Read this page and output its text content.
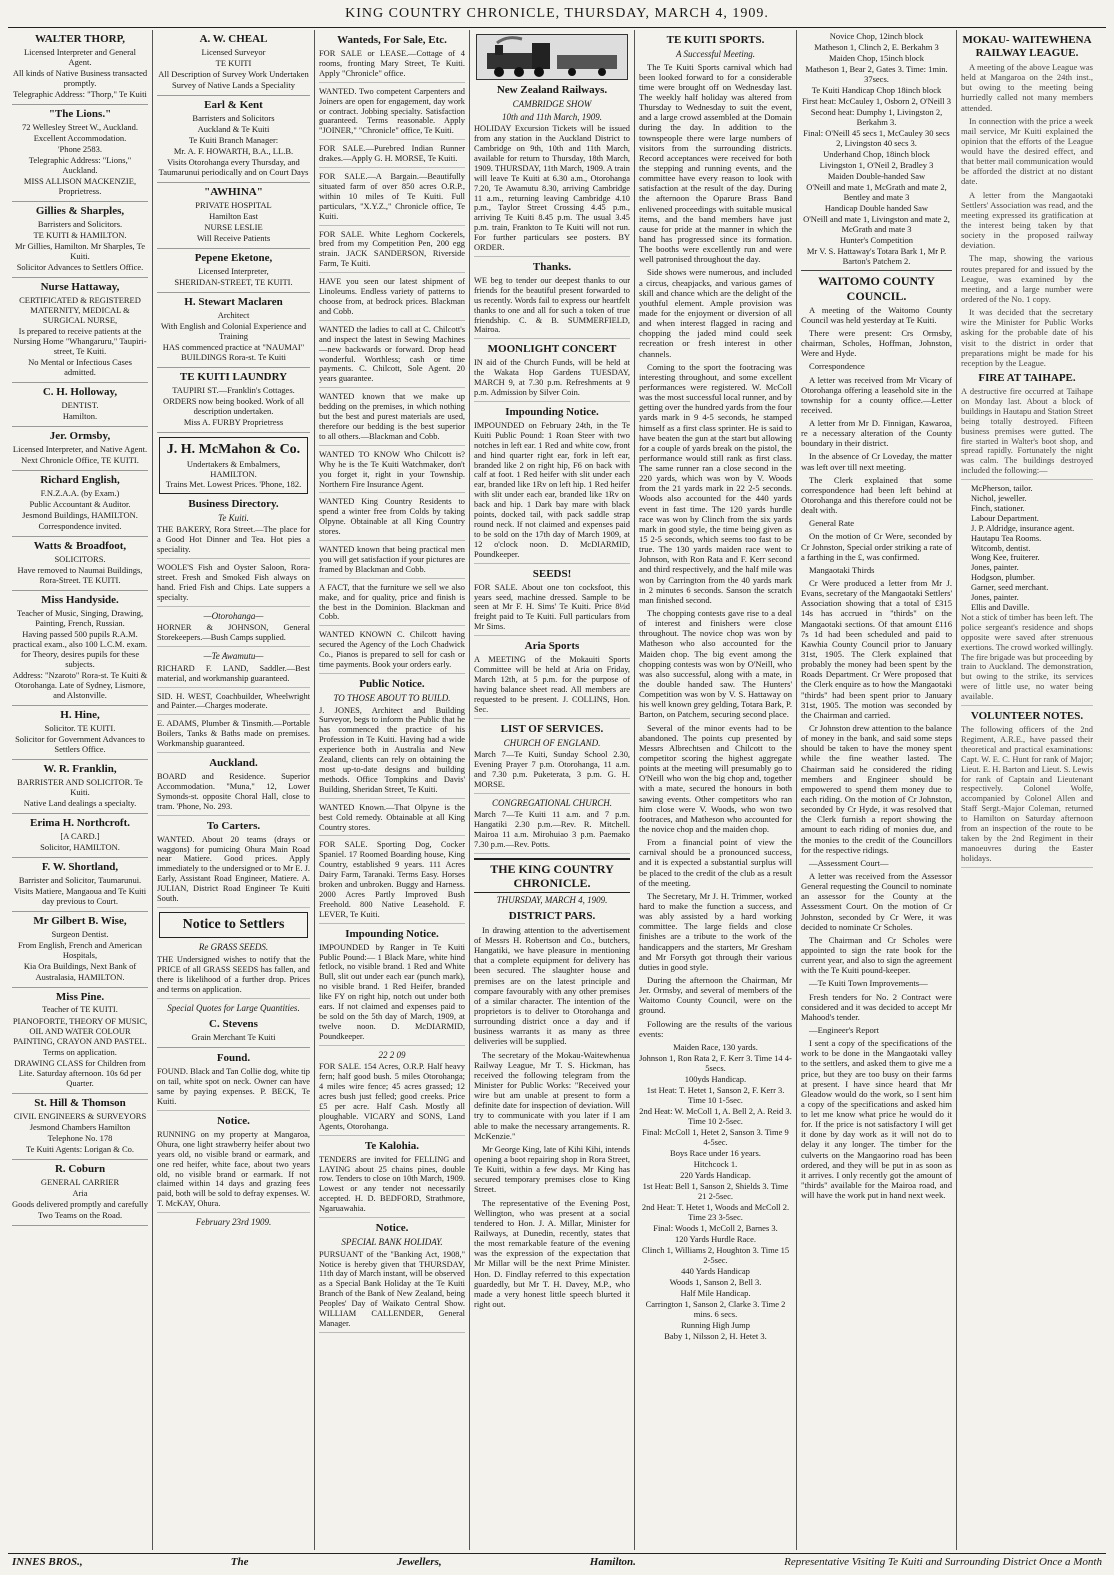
KING COUNTRY CHRONICLE, THURSDAY, MARCH 4, 1909.
WALTER THORP,

Licensed Interpreter and General Agent.

All kinds of Native Business transacted promptly.

Telegraphic Address: "Thorp," Te Kuiti

"The Lions."

72 Wellesley Street W., Auckland.

Excellent Accommodation.

'Phone 2583.

Telegraphic Address: "Lions," Auckland.

MISS ALLISON MACKENZIE, Proprietress.

Gillies & Sharples,

Barristers and Solicitors.

TE KUITI & HAMILTON.

Mr Gillies, Hamilton. Mr Sharples, Te Kuiti.

Solicitor Advances to Settlers Office.

Nurse Hattaway,

CERTIFICATED & REGISTERED MATERNITY, MEDICAL & SURGICAL NURSE,

Is prepared to receive patients at the Nursing Home "Whangaruru," Taupiri-street, Te Kuiti.

No Mental or Infectious Cases admitted.

C. H. Holloway,

DENTIST.

Hamilton.

Jer. Ormsby,

Licensed Interpreter, and Native Agent.

Next Chronicle Office, TE KUITI.

Richard English,

F.N.Z.A.A. (by Exam.)

Public Accountant & Auditor.

Jesmond Buildings, HAMILTON.

Correspondence invited.

Watts & Broadfoot,

SOLICITORS.

Have removed to Naumai Buildings, Rora-Street. TE KUITI.

Miss Handyside.

Teacher of Music, Singing, Drawing, Painting, French, Russian.

Having passed 500 pupils R.A.M. practical exam., also 100 L.C.M. exam. for Theory, desires pupils for these subjects.

Address: "Nzaroto" Rora-st. Te Kuiti & Otorohanga. Late of Sydney, Lismore, and Alstonville.

H. Hine,

Solicitor. TE KUITI.

Solicitor for Government Advances to Settlers Office.

W. R. Franklin,

BARRISTER AND SOLICITOR. Te Kuiti.

Native Land dealings a specialty.

Erima H. Northcroft.

[A CARD.]

Solicitor, HAMILTON.

F. W. Shortland,

Barrister and Solicitor, Taumarunui.

Visits Matiere, Mangaoua and Te Kuiti day previous to Court.

Mr Gilbert B. Wise,

Surgeon Dentist.

From English, French and American Hospitals,

Kia Ora Buildings, Next Bank of Australasia, HAMILTON.

Miss Pine.

Teacher of TE KUITI.

PIANOFORTE, THEORY OF MUSIC, OIL AND WATER COLOUR PAINTING, CRAYON AND PASTEL.

Terms on application.

DRAWING CLASS for Children from Lite. Saturday afternoon. 10s 6d per Quarter.

St. Hill & Thomson

CIVIL ENGINEERS & SURVEYORS

Jesmond Chambers Hamilton

Telephone No. 178

Te Kuiti Agents: Lorigan & Co.

R. Coburn

GENERAL CARRIER

Aria

Goods delivered promptly and carefully

Two Teams on the Road.

A. W. CHEAL

Licensed Surveyor

TE KUITI

All Description of Survey Work Undertaken

Survey of Native Lands a Speciality

Earl & Kent

Barristers and Solicitors

Auckland & Te Kuiti

Te Kuiti Branch Manager:

Mr. A. F. HOWARTH, B.A., LL.B.

Visits Otorohanga every Thursday, and Taumarunui periodically and on Court Days

"AWHINA"

PRIVATE HOSPITAL

Hamilton East

NURSE LESLIE

Will Receive Patients

Pepene Eketone,

Licensed Interpreter,

SHERIDAN-STREET, TE KUITI.

H. Stewart Maclaren

Architect

With English and Colonial Experience and Training

HAS commenced practice at "NAUMAI" BUILDINGS Rora-st. Te Kuiti

TE KUITI LAUNDRY

TAUPIRI ST.—Franklin's Cottages.

ORDERS now being booked. Work of all description undertaken.

Miss A. FURBY Proprietress

J. H. McMahon & Co.
Undertakers & Embalmers, HAMILTON.
Trains Met. Lowest Prices. 'Phone, 182.
Business Directory.
Te Kuiti.
THE BAKERY, Rora Street.—The place for a Good Hot Dinner and Tea. Hot pies a speciality.
WOOLE'S Fish and Oyster Saloon, Rora-street. Fresh and Smoked Fish always on hand. Fried Fish and Chips. Late suppers a specialty.
—Otorohanga—
HORNER & JOHNSON, General Storekeepers.—Bush Camps supplied.
—Te Awamutu—
RICHARD F. LAND, Saddler.—Best material, and workmanship guaranteed.
SID. H. WEST, Coachbuilder, Wheelwright and Painter.—Charges moderate.
E. ADAMS, Plumber & Tinsmith.—Portable Boilers, Tanks & Baths made on premises. Workmanship guaranteed.
Auckland.
BOARD and Residence. Superior Accommodation. "Muna," 12, Lower Symonds-st. opposite Choral Hall, close to tram. 'Phone, No. 293.
To Carters.
WANTED. About 20 teams (drays or waggons) for pumicing Ohura Main Road near Matiere. Good prices. Apply immediately to the undersigned or to Mr E. J. Early, Assistant Road Engineer, Matiere. A. JULIAN, District Road Engineer Te Kuiti South.
Notice to Settlers
Re GRASS SEEDS.
THE Undersigned wishes to notify that the PRICE of all GRASS SEEDS has fallen, and there is likelihood of a further drop. Prices and terms on application.
Special Quotes for Large Quantities.
C. Stevens

Grain Merchant Te Kuiti

Found.
FOUND. Black and Tan Collie dog, white tip on tail, white spot on neck. Owner can have same by paying expenses. P. BECK, Te Kuiti.
Notice.
RUNNING on my property at Mangaroa, Ohura, one light strawberry heifer about two years old, no visible brand or earmark, and one red heifer, white face, about two years old, no visible brand or earmark. If not claimed within 14 days and grazing fees paid, both will be sold to defray expenses. W. T. McKAY, Ohura.
February 23rd 1909.
Wanteds, For Sale, Etc.
FOR SALE or LEASE.—Cottage of 4 rooms, fronting Mary Street, Te Kuiti. Apply "Chronicle" office.
WANTED. Two competent Carpenters and Joiners are open for engagement, day work or contract. Jobbing specialty. Satisfaction guaranteed. Terms reasonable. Apply "JOINER," "Chronicle" office, Te Kuiti.
FOR SALE.—Purebred Indian Runner drakes.—Apply G. H. MORSE, Te Kuiti.
FOR SALE.—A Bargain.—Beautifully situated farm of over 850 acres O.R.P., within 10 miles of Te Kuiti. Full particulars, "X.Y.Z.," Chronicle office, Te Kuiti.
FOR SALE. White Leghorn Cockerels, bred from my Competition Pen, 200 egg strain. JACK SANDERSON, Riverside Farm, Te Kuiti.
HAVE you seen our latest shipment of Linoleums. Endless variety of patterns to choose from, at bedrock prices. Blackman and Cobb.
WANTED the ladies to call at C. Chilcott's and inspect the latest in Sewing Machines—new backwards or forward. Drop head wonderful. Worthless; cash or time payments. C. Chilcott, Sole Agent. 20 years guarantee.
WANTED known that we make up bedding on the premises, in which nothing but the best and purest materials are used, therefore our bedding is the best superior to all others.—Blackman and Cobb.
WANTED TO KNOW Who Chilcott is? Why he is the Te Kuiti Watchmaker, don't you forget it, right in your Township. Northern Fire Insurance Agent.
WANTED King Country Residents to spend a winter free from Colds by taking Olpyne. Obtainable at all King Country stores.
WANTED known that being practical men you will get satisfaction if your pictures are framed by Blackman and Cobb.
A FACT, that the furniture we sell we also make, and for quality, price and finish is the best in the Dominion. Blackman and Cobb.
WANTED KNOWN C. Chilcott having secured the Agency of the Loch Chadwick Co., Pianos is prepared to sell for cash or time payments. Book your orders early.
Public Notice.
TO THOSE ABOUT TO BUILD.
J. JONES, Architect and Building Surveyor, begs to inform the Public that he has commenced the practice of his Profession in Te Kuiti. Having had a wide experience both in Australia and New Zealand, clients can rely on obtaining the most up-to-date designs and building methods. Office Tompkins and Davis' Building, Sheridan Street, Te Kuiti.
WANTED Known.—That Olpyne is the best Cold remedy. Obtainable at all King Country stores.
FOR SALE. Sporting Dog, Cocker Spaniel. 17 Roomed Boarding house, King Country, established 9 years. 111 Acres Dairy Farm, Taranaki. Terms Easy. Horses broken and unbroken. Buggy and Harness. 2000 Acres Partly Improved Bush Freehold. 800 Native Leasehold. F. LEVER, Te Kuiti.
Impounding Notice.
IMPOUNDED by Ranger in Te Kuiti Public Pound:— 1 Black Mare, white hind fetlock, no visible brand. 1 Red and White Bull, slit out under each ear (punch mark), no visible brand. 1 Red Heifer, branded like FY on right hip, notch out under both ears. If not claimed and expenses paid to be sold on the 5th day of March, 1909, at twelve noon. D. McDIARMID, Poundkeeper.
22 2 09
FOR SALE. 154 Acres, O.R.P. Half heavy fern; half good bush. 5 miles Otorohanga; 4 miles wire fence; 45 acres grassed; 12 acres bush just felled; good creeks. Price £5 per acre. Half Cash. Mostly all ploughable. VICARY and SONS, Land Agents, Otorohanga.
Te Kalohia.
TENDERS are invited for FELLING and LAYING about 25 chains pines, double row. Tenders to close on 10th March, 1909. Lowest or any tender not necessarily accepted. H. D. BEDFORD, Strathmore, Ngaruawahia.
Notice.
SPECIAL BANK HOLIDAY.
PURSUANT of the "Banking Act, 1908," Notice is hereby given that THURSDAY, 11th day of March instant, will be observed as a Special Bank Holiday at the Te Kuiti Branch of the Bank of New Zealand, being Peoples' Day of Waikato Central Show. WILLIAM CALLENDER, General Manager.
New Zealand Railways.
CAMBRIDGE SHOW
10th and 11th March, 1909.
HOLIDAY Excursion Tickets will be issued from any station in the Auckland District to Cambridge on 9th, 10th and 11th March, available for return to Thursday, 18th March, 1909. THURSDAY, 11th March, 1909. A train will leave Te Kuiti at 6.30 a.m., Otorohanga 7.20, Te Awamutu 8.30, arriving Cambridge 11 a.m., returning leaving Cambridge 4.10 p.m., Taylor Street Crossing 4.45 p.m., arriving Te Kuiti 8.45 p.m. The usual 3.45 p.m. train, Frankton to Te Kuiti will not run. For further particulars see posters. BY ORDER.
Thanks.
WE beg to tender our deepest thanks to our friends for the beautiful present forwarded to us recently. Words fail to express our heartfelt thanks to one and all for such a token of true friendship. C. & B. SUMMERFIELD, Mairoa.
MOONLIGHT CONCERT
IN aid of the Church Funds, will be held at the Wakata Hop Gardens TUESDAY, MARCH 9, at 7.30 p.m. Refreshments at 9 p.m. Admission by Silver Coin.
Impounding Notice.
IMPOUNDED on February 24th, in the Te Kuiti Public Pound: 1 Roan Steer with two notches in left ear. 1 Red and white cow, front and hind quarter right ear, fork in left ear, branded like 2 on right hip, F6 on back with calf at foot. 1 Red heifer with slit under each ear, branded like 1Rv on left hip. 1 Red heifer with slit under each ear, branded like 1Rv on back and hip. 1 Dark bay mare with black points, docked tail, with pack saddle strap round neck. If not claimed and expenses paid to be sold on the 17th day of March 1909, at 12 o'clock noon. D. McDIARMID, Poundkeeper.
SEEDS!
FOR SALE. About one ton cocksfoot, this years seed, machine dressed. Sample to be seen at Mr F. H. Sims' Te Kuiti. Price 8½d freight paid to Te Kuiti. Full particulars from Mr Sims.
Aria Sports
A MEETING of the Mokauiti Sports Committee will be held at Aria on Friday, March 12th, at 5 p.m. for the purpose of having balance sheet read. All members are requested to be present. J. COLLINS, Hon. Sec.
LIST OF SERVICES.
CHURCH OF ENGLAND.
March 7—Te Kuiti, Sunday School 2.30, Evening Prayer 7 p.m. Otorohanga, 11 a.m. and 7.30 p.m. Puketerata, 3 p.m. G. H. MORSE.
CONGREGATIONAL CHURCH.
March 7—Te Kuiti 11 a.m. and 7 p.m. Hangatiki 2.30 p.m.—Rev. R. Mitchell. Mairoa 11 a.m. Mirohuiao 3 p.m. Paemako 7.30 p.m.—Rev. Potts.
THE KING COUNTRY CHRONICLE.
THURSDAY, MARCH 4, 1909.
DISTRICT PARS.

In drawing attention to the advertisement of Messrs H. Robertson and Co., butchers, Hangatiki, we have pleasure in mentioning that a complete equipment for delivery has been secured. The slaughter house and premises are on the latest principle and compare favourably with any other premises of a similar character. The intention of the proprietors is to deliver to Otorohanga and surrounding district once a day and if business warrants it as many as three deliveries will be supplied.

The secretary of the Mokau-Waitewhenua Railway League, Mr T. S. Hickman, has received the following telegram from the Minister for Public Works: "Received your wire but am unable at present to form a definite date for inspection of deviation. Will try to communicate with you later if I am able to make the necessary arrangements. R. McKenzie."

Mr George King, late of Kihi Kihi, intends opening a boot repairing shop in Rora Street, Te Kuiti, within a few days. Mr King has secured temporary premises close to King Street.

The representative of the Evening Post, Wellington, who was present at a social tendered to Hon. J. A. Millar, Minister for Railways, at Dunedin, recently, states that the most remarkable feature of the evening was the expression of the expectation that Mr Millar will be the next Prime Minister. Hon. D. Findlay referred to this expectation guardedly, but Mr T. H. Davey, M.P., who made a very honest little speech blurted it right out.

TE KUITI SPORTS.
A Successful Meeting.

The Te Kuiti Sports carnival which had been looked forward to for a considerable time were brought off on Wednesday last. The weekly half holiday was altered from Thursday to Wednesday to suit the event, and a large crowd assembled at the Domain during the day. In addition to the townspeople there were large numbers of visitors from the surrounding districts. Record acceptances were received for both the stepping and running events, and the committee have every reason to look with satisfaction at the result of the day. During the afternoon the Oparure Brass Band enlivened proceedings with suitable musical items, and the band members have just cause for pride at the manner in which the band has progressed since its formation. The booths were excellently run and were well patronised throughout the day.

Side shows were numerous, and included a circus, cheapjacks, and various games of skill and chance which are the delight of the youthful element. Ample provision was made for the enjoyment or diversion of all and when interest flagged in racing and chopping the jaded mind could seek recreation or fresh interest in other channels.

Coming to the sport the footracing was interesting throughout, and some excellent performances were registered. W. McColl was the most successful local runner, and by getting over the hundred yards from the four yards mark in 9 4-5 seconds, he stamped himself as a first class sprinter. He is said to have beaten the gun at the start but allowing for a couple of yards break on the pistol, the performance would still rank as first class. The same runner ran a close second in the 220 yards, which was won by V. Woods from the 21 yards mark in 22 2-5 seconds. Woods also accounted for the 440 yards event in fast time. The 120 yards hurdle race was won by Clinch from the six yards mark in good style, the time being given as 15 2-5 seconds, which seems too fast to be true. The 130 yards maiden race went to Johnson, with Ron Rata and F. Kerr second and third respectively, and the half mile was won by Carrington from the 40 yards mark in 2 minutes 6 seconds. Sanson the scratch man finished second.

The chopping contests gave rise to a deal of interest and finishers were close throughout. The novice chop was won by Matheson who also accounted for the Maiden chop. The big event among the chopping contests was won by O'Neill, who was also successful, along with a mate, in the double handed saw. The Hunters' Competition was won by V. S. Hattaway on his well known grey gelding, Totara Bark, P. Barton, on Patchem, securing second place.

Several of the minor events had to be abandoned. The points cup presented by Messrs Albrechtsen and Chilcott to the competitor scoring the highest aggregate points at the meeting will presumably go to O'Neill who won the big chop and, together with a mate, secured the honours in both sawing events. Other competitors who ran him close were V. Woods, who won two footraces, and Matheson who accounted for the novice chop and the maiden chop.

From a financial point of view the carnival should be a pronounced success, and it is expected a substantial surplus will be placed to the credit of the club as a result of the meeting.

The Secretary, Mr J. H. Trimmer, worked hard to make the function a success, and was ably assisted by a hard working committee. The large fields and close finishes are a tribute to the work of the handicappers and the starters, Mr Gresham and Mr Forsyth got through their various duties in good style.

During the afternoon the Chairman, Mr Jer. Ormsby, and several of members of the Waitomo County Council, were on the ground.

Following are the results of the various events:

Maiden Race, 130 yards.
Johnson 1, Ron Rata 2, F. Kerr 3. Time 14 4-5secs.
100yds Handicap.
1st Heat: T. Hetet 1, Sanson 2, F. Kerr 3. Time 10 1-5sec.
2nd Heat: W. McColl 1, A. Bell 2, A. Reid 3. Time 10 2-5sec.
Final: McColl 1, Hetet 2, Sanson 3. Time 9 4-5sec.
Boys Race under 16 years.
Hitchcock 1.
220 Yards Handicap.
1st Heat: Bell 1, Sanson 2, Shields 3. Time 21 2-5sec.
2nd Heat: T. Hetet 1, Woods and McColl 2. Time 23 3-5sec.
Final: Woods 1, McColl 2, Barnes 3.
120 Yards Hurdle Race.
Clinch 1, Williams 2, Houghton 3. Time 15 2-5sec.
440 Yards Handicap
Woods 1, Sanson 2, Bell 3.
Half Mile Handicap.
Carrington 1, Sanson 2, Clarke 3. Time 2 mins. 6 secs.
Running High Jump
Baby 1, Nilsson 2, H. Hetet 3.
Novice Chop, 12inch block
Matheson 1, Clinch 2, E. Berkahm 3
Maiden Chop, 15inch block
Matheson 1, Bear 2, Gates 3. Time: 1min. 37secs.
Te Kuiti Handicap Chop 18inch block
First heat: McCauley 1, Osborn 2, O'Neill 3
Second heat: Dumphy 1, Livingston 2, Berkahm 3.
Final: O'Neill 45 secs 1, McCauley 30 secs 2, Livingston 40 secs 3.
Underhand Chop, 18inch block
Livingston 1, O'Neil 2, Bradley 3
Maiden Double-handed Saw
O'Neill and mate 1, McGrath and mate 2, Bentley and mate 3
Handicap Double handed Saw
O'Neill and mate 1, Livingston and mate 2, McGrath and mate 3
Hunter's Competition
Mr V. S. Hattaway's Totara Bark 1, Mr P. Barton's Patchem 2.
WAITOMO COUNTY COUNCIL.

A meeting of the Waitomo County Council was held yesterday at Te Kuiti.

There were present: Crs Ormsby, chairman, Scholes, Hoffman, Johnston, Were and Hyde.

Correspondence

A letter was received from Mr Vicary of Otorohanga offering a leasehold site in the township for a county office.—Letter received.

A letter from Mr D. Finnigan, Kawaroa, re a necessary alteration of the County boundary in their district.

In the absence of Cr Loveday, the matter was left over till next meeting.

The Clerk explained that some correspondence had been left behind at Otorohanga and this therefore could not be dealt with.

General Rate

On the motion of Cr Were, seconded by Cr Johnston, Special order striking a rate of a farthing in the £, was confirmed.

Mangaotaki Thirds

Cr Were produced a letter from Mr J. Evans, secretary of the Mangaotaki Settlers' Association showing that a total of £315 14s has accrued in "thirds" on the Mangaotaki sections. Of that amount £116 7s 1d had been scheduled and paid to Kawhia County Council prior to January 31st, 1905. The Clerk explained that probably the money had been spent by the Roads Department. Cr Were proposed that the Clerk enquire as to how the Mangaotaki "thirds" had been spent prior to January 31st, 1905. The motion was seconded by the Chairman and carried.

Cr Johnston drew attention to the balance of money in the bank, and said some steps should be taken to have the money spent while the fine weather lasted. The Chairman said he considered the riding members and Engineer should be empowered to spend them money due to each riding. On the motion of Cr Johnston, seconded by Cr Hyde, it was resolved that the Clerk furnish a report showing the amount to each riding of monies due, and the monies to the credit of the Councillors for the respective ridings.

—Assessment Court—

A letter was received from the Assessor General requesting the Council to nominate an assessor for the County at the Assessment Court. On the motion of Cr Johnston, seconded by Cr Were, it was decided to nominate Cr Scholes.

The Chairman and Cr Scholes were appointed to sign the rate book for the current year, and also to sign the agreement with the Te Kuiti pound-keeper.

—Te Kuiti Town Improvements—

Fresh tenders for No. 2 Contract were considered and it was decided to accept Mr Mahood's tender.

—Engineer's Report

I sent a copy of the specifications of the work to be done in the Mangaotaki valley to the settlers, and asked them to give me a price, but they are too busy on their farms at present. I have since heard that Mr Gleadow would do the work, so I sent him a copy of the specifications and asked him to let me know what price he would do it for. If the price is not satisfactory I will get it done by day work as it will not do to delay it any longer. The timber for the culverts on the Mangaorino road has been ordered, and they will be put in as soon as it arrives. I only recently got the amount of "thirds" available for the Mairoa road, and will have the work put in hand next week.

MOKAU- WAITEWHENA RAILWAY LEAGUE.

A meeting of the above League was held at Mangaroa on the 24th inst., but owing to the meeting being hurriedly called not many members attended.

In connection with the price a week mail service, Mr Kuiti explained the opinion that the efforts of the League would have the desired effect, and that better mail communication would be afforded the district at no distant date.

A letter from the Mangaotaki Settlers' Association was read, and the meeting expressed its gratification at the interest being taken by that society in the proposed railway deviation.

The map, showing the various routes prepared for and issued by the League, was examined by the meeting, and a large number were ordered of the No. 1 copy.

It was decided that the secretary wire the Minister for Public Works asking for the probable date of his visit to the district in order that preparations might be made for his reception by the League.

FIRE AT TAIHAPE.
A destructive fire occurred at Taihape on Monday last. About a block of buildings in Hautapu and Station Street being totally destroyed. Fifteen business premises were gutted. The fire started in Walter's boot shop, and spread rapidly. Fortunately the night was calm. The buildings destroyed included the following:—
McPherson, tailor.
Nichol, jeweller.
Finch, stationer.
Labour Department.
J. P. Aldridge, insurance agent.
Hautapu Tea Rooms.
Witcomb, dentist.
Wong Kee, fruiterer.
Jones, painter.
Hodgson, plumber.
Garner, seed merchant.
Jones, painter.
Ellis and Daville.
Not a stick of timber has been left. The police sergeant's residence and shops opposite were saved after strenuous exertions. The crowd worked willingly. The fire brigade was but proceeding by train to Auckland. The demonstration, but owing to the strike, its services were of little use, no water being available.
VOLUNTEER NOTES.
The following officers of the 2nd Regiment, A.R.E., have passed their theoretical and practical examinations: Capt. W. E. C. Hunt for rank of Major; Lieut. E. H. Barton and Lieut. S. Lewis for rank of Captain and Lieutenant respectively. Colonel Wolfe, accompanied by Colonel Allen and Staff Sergt.-Major Coleman, returned to Hamilton on Saturday afternoon from an inspection of the route to be taken by the 2nd Regiment in their manoeuvres during the Easter holidays.
INNES BROS.,	The	Jewellers,	Hamilton.	Representative Visiting Te Kuiti and Surrounding District Once a Month
